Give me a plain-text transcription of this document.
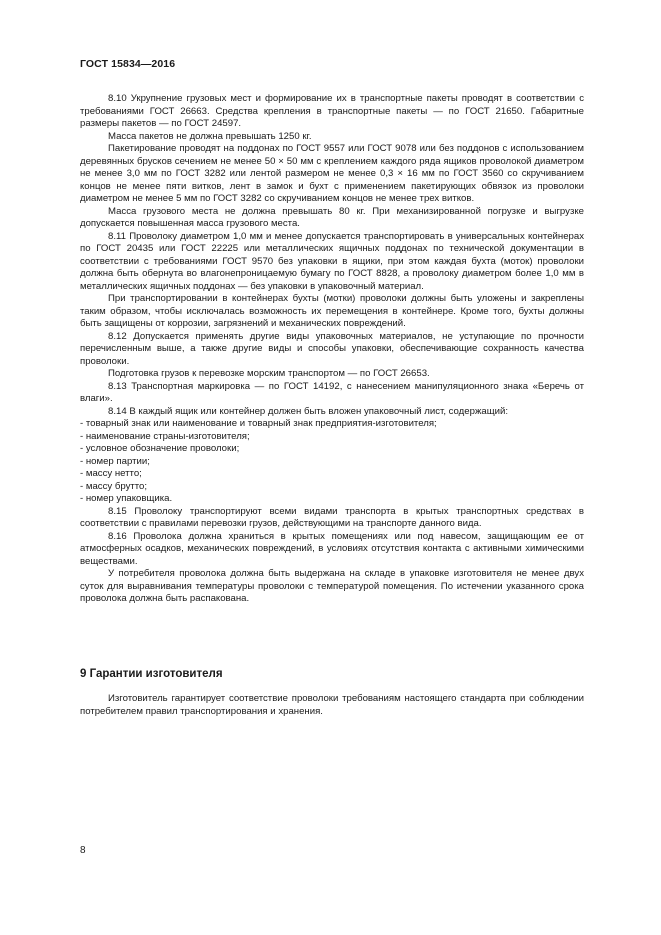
ГОСТ 15834—2016

8.10 Укрупнение грузовых мест и формирование их в транспортные пакеты проводят в соответствии с требованиями ГОСТ 26663. Средства крепления в транспортные пакеты — по ГОСТ 21650. Габаритные размеры пакетов — по ГОСТ 24597.

Масса пакетов не должна превышать 1250 кг.

Пакетирование проводят на поддонах по ГОСТ 9557 или ГОСТ 9078 или без поддонов с использованием деревянных брусков сечением не менее 50 × 50 мм с креплением каждого ряда ящиков проволокой диаметром не менее 3,0 мм по ГОСТ 3282 или лентой размером не менее 0,3 × 16 мм по ГОСТ 3560 со скручиванием концов не менее пяти витков, лент в замок и бухт с применением пакетирующих обвязок из проволоки диаметром не менее 5 мм по ГОСТ 3282 со скручиванием концов не менее трех витков.

Масса грузового места не должна превышать 80 кг. При механизированной погрузке и выгрузке допускается повышенная масса грузового места.

8.11 Проволоку диаметром 1,0 мм и менее допускается транспортировать в универсальных контейнерах по ГОСТ 20435 или ГОСТ 22225 или металлических ящичных поддонах по технической документации в соответствии с требованиями ГОСТ 9570 без упаковки в ящики, при этом каждая бухта (моток) проволоки должна быть обернута во влагонепроницаемую бумагу по ГОСТ 8828, а проволоку диаметром более 1,0 мм в металлических ящичных поддонах — без упаковки в упаковочный материал.

При транспортировании в контейнерах бухты (мотки) проволоки должны быть уложены и закреплены таким образом, чтобы исключалась возможность их перемещения в контейнере. Кроме того, бухты должны быть защищены от коррозии, загрязнений и механических повреждений.

8.12 Допускается применять другие виды упаковочных материалов, не уступающие по прочности перечисленным выше, а также другие виды и способы упаковки, обеспечивающие сохранность качества проволоки.

Подготовка грузов к перевозке морским транспортом — по ГОСТ 26653.

8.13 Транспортная маркировка — по ГОСТ 14192, с нанесением манипуляционного знака «Беречь от влаги».

8.14 В каждый ящик или контейнер должен быть вложен упаковочный лист, содержащий:

- товарный знак или наименование и товарный знак предприятия-изготовителя;

- наименование страны-изготовителя;

- условное обозначение проволоки;

- номер партии;

- массу нетто;

- массу брутто;

- номер упаковщика.

8.15 Проволоку транспортируют всеми видами транспорта в крытых транспортных средствах в соответствии с правилами перевозки грузов, действующими на транспорте данного вида.

8.16 Проволока должна храниться в крытых помещениях или под навесом, защищающим ее от атмосферных осадков, механических повреждений, в условиях отсутствия контакта с активными химическими веществами.

У потребителя проволока должна быть выдержана на складе в упаковке изготовителя не менее двух суток для выравнивания температуры проволоки с температурой помещения. По истечении указанного срока проволока должна быть распакована.

9 Гарантии изготовителя

Изготовитель гарантирует соответствие проволоки требованиям настоящего стандарта при соблюдении потребителем правил транспортирования и хранения.

8
